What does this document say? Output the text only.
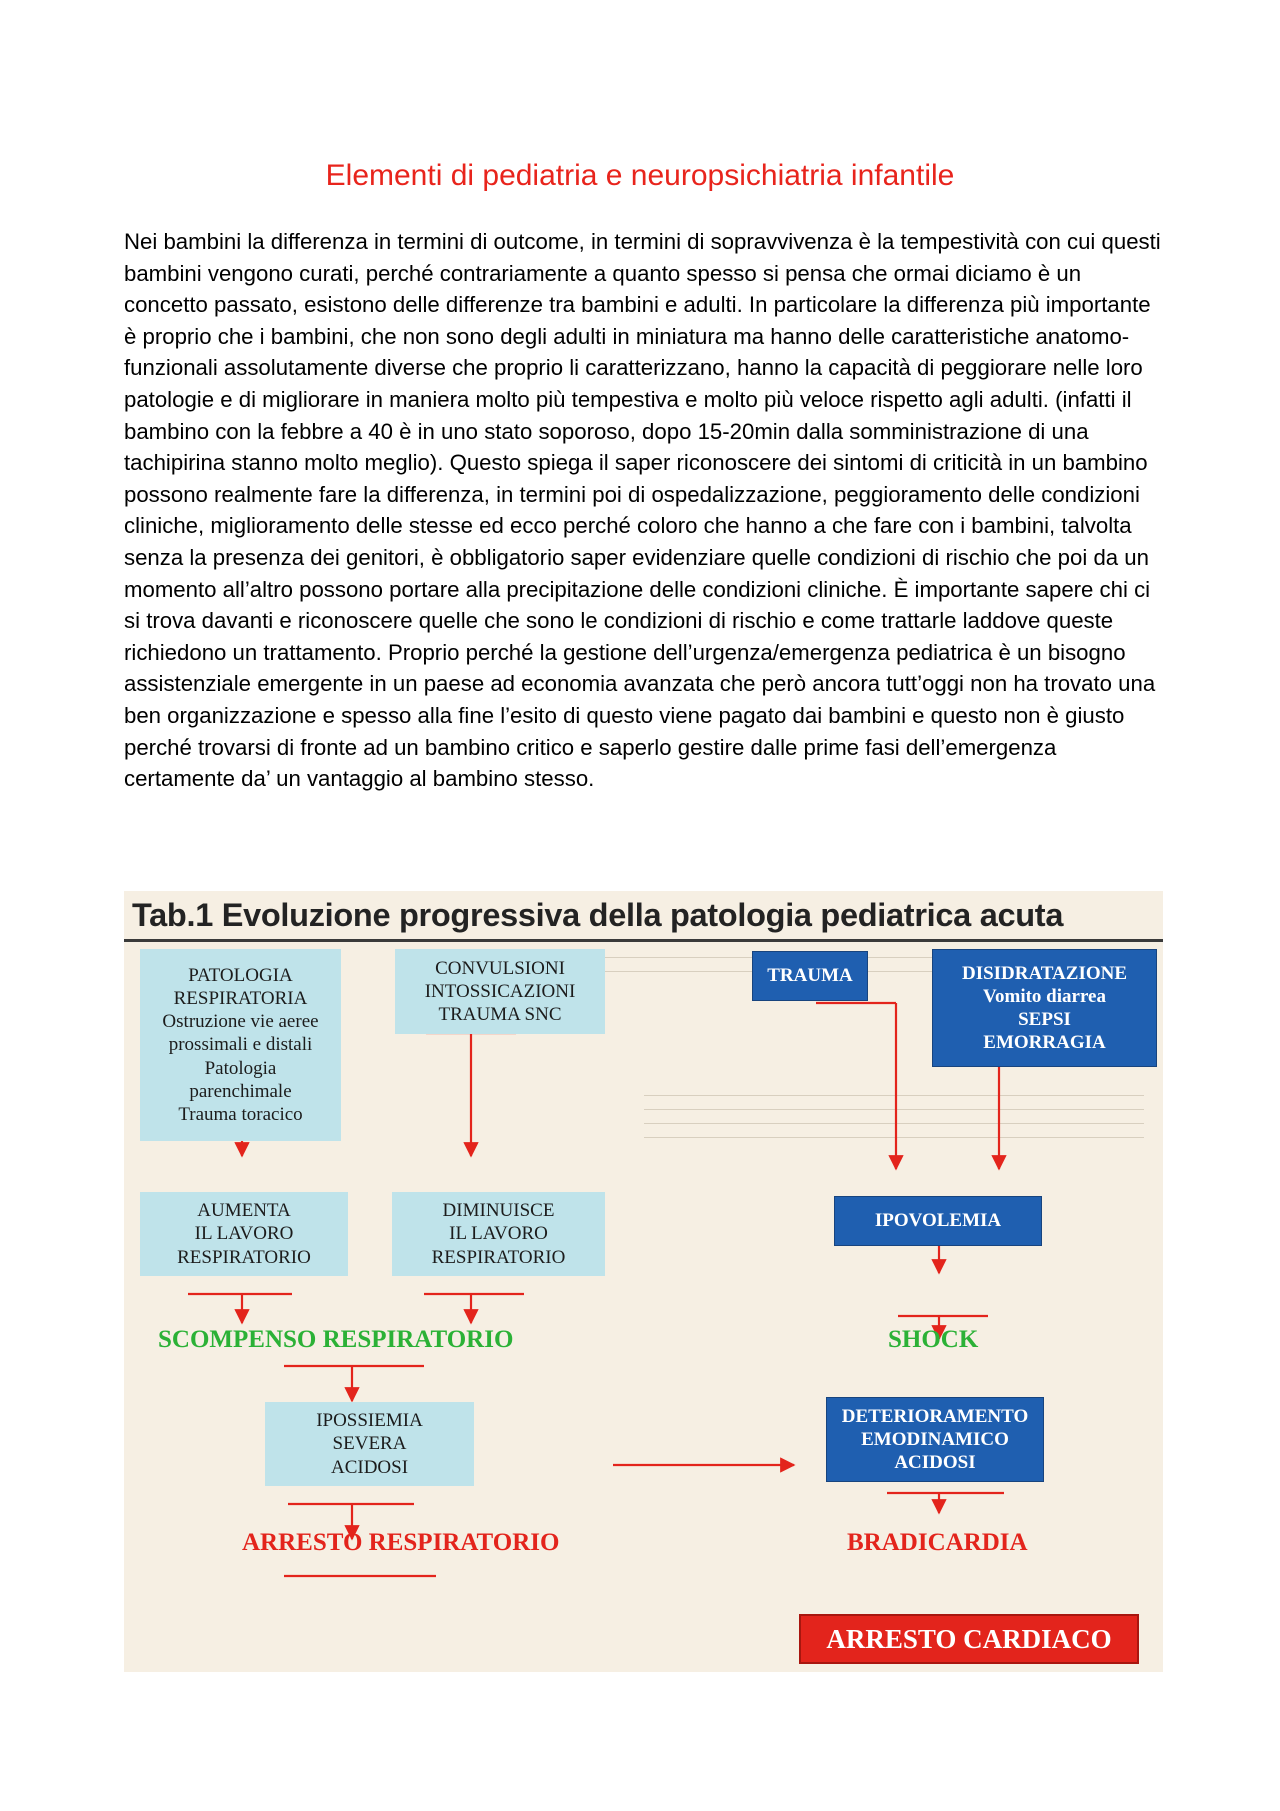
Elementi di pediatria e neuropsichiatria infantile

Nei bambini la differenza in termini di outcome, in termini di sopravvivenza è la tempestività con cui questi bambini vengono curati, perché contrariamente a quanto spesso si pensa che ormai diciamo è un concetto passato, esistono delle differenze tra bambini e adulti. In particolare la differenza più importante è proprio che i bambini, che non sono degli adulti in miniatura ma hanno delle caratteristiche anatomo-funzionali assolutamente diverse che proprio li caratterizzano, hanno la capacità di peggiorare nelle loro patologie e di migliorare in maniera molto più tempestiva e molto più veloce rispetto agli adulti. (infatti il bambino con la febbre a 40 è in uno stato soporoso, dopo 15-20min dalla somministrazione di una tachipirina stanno molto meglio). Questo spiega il saper riconoscere dei sintomi di criticità in un bambino possono realmente fare la differenza, in termini poi di ospedalizzazione, peggioramento delle condizioni cliniche, miglioramento delle stesse ed ecco perché coloro che hanno a che fare con i bambini, talvolta senza la presenza dei genitori, è obbligatorio saper evidenziare quelle condizioni di rischio che poi da un momento all’altro possono portare alla precipitazione delle condizioni cliniche. È importante sapere chi ci si trova davanti e riconoscere quelle che sono le condizioni di rischio e come trattarle laddove queste richiedono un trattamento. Proprio perché la gestione dell’urgenza/emergenza pediatrica è un bisogno assistenziale emergente in un paese ad economia avanzata che però ancora tutt’oggi non ha trovato una ben organizzazione e spesso alla fine l’esito di questo viene pagato dai bambini e questo non è giusto perché trovarsi di fronte ad un bambino critico e saperlo gestire dalle prime fasi dell’emergenza certamente da’ un vantaggio al bambino stesso.

Tab.1 Evoluzione progressiva della patologia pediatrica acuta
PATOLOGIA
RESPIRATORIA
Ostruzione vie aeree
prossimali e distali
Patologia
parenchimale
Trauma toracico
CONVULSIONI
INTOSSICAZIONI
TRAUMA SNC
TRAUMA	DISIDRATAZIONE
Vomito diarrea
SEPSI
EMORRAGIA
AUMENTA
IL LAVORO
RESPIRATORIO
DIMINUISCE
IL LAVORO
RESPIRATORIO
IPOVOLEMIA
SCOMPENSO RESPIRATORIO	SHOCK
IPOSSIEMIA
SEVERA
ACIDOSI
DETERIORAMENTO
EMODINAMICO
ACIDOSI
ARRESTO RESPIRATORIO	BRADICARDIA
ARRESTO CARDIACO
